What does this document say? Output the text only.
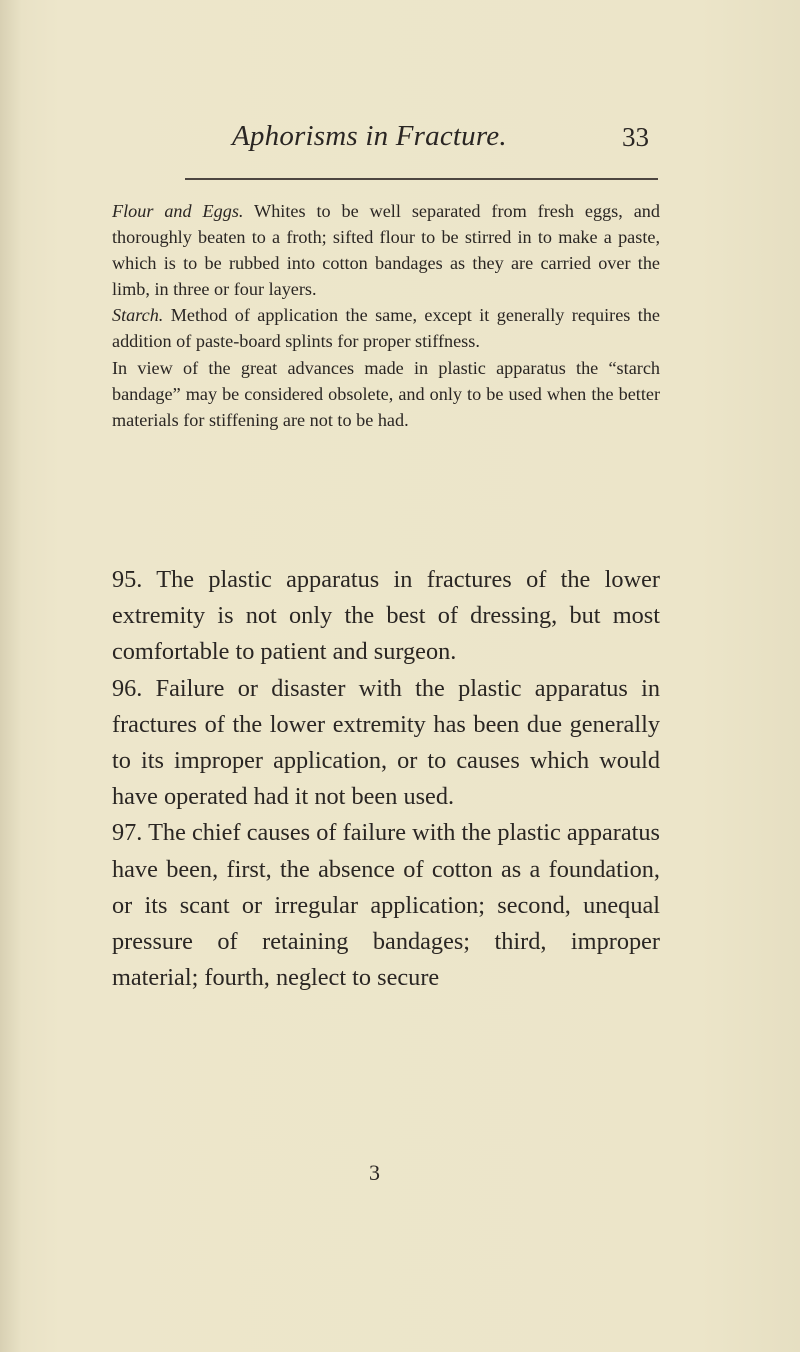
Aphorisms in Fracture.	33

Flour and Eggs. Whites to be well separated from fresh eggs, and thoroughly beaten to a froth; sifted flour to be stirred in to make a paste, which is to be rubbed into cotton bandages as they are carried over the limb, in three or four layers.

Starch. Method of application the same, except it generally requires the addition of paste-board splints for proper stiffness.

In view of the great advances made in plastic apparatus the “starch bandage” may be considered obsolete, and only to be used when the better materials for stiffening are not to be had.

95. The plastic apparatus in fractures of the lower extremity is not only the best of dressing, but most comfortable to patient and surgeon.

96. Failure or disaster with the plastic apparatus in fractures of the lower extremity has been due generally to its improper application, or to causes which would have operated had it not been used.

97. The chief causes of failure with the plastic apparatus have been, first, the absence of cotton as a foundation, or its scant or irregular application; second, unequal pressure of retaining bandages; third, improper material; fourth, neglect to secure

3
